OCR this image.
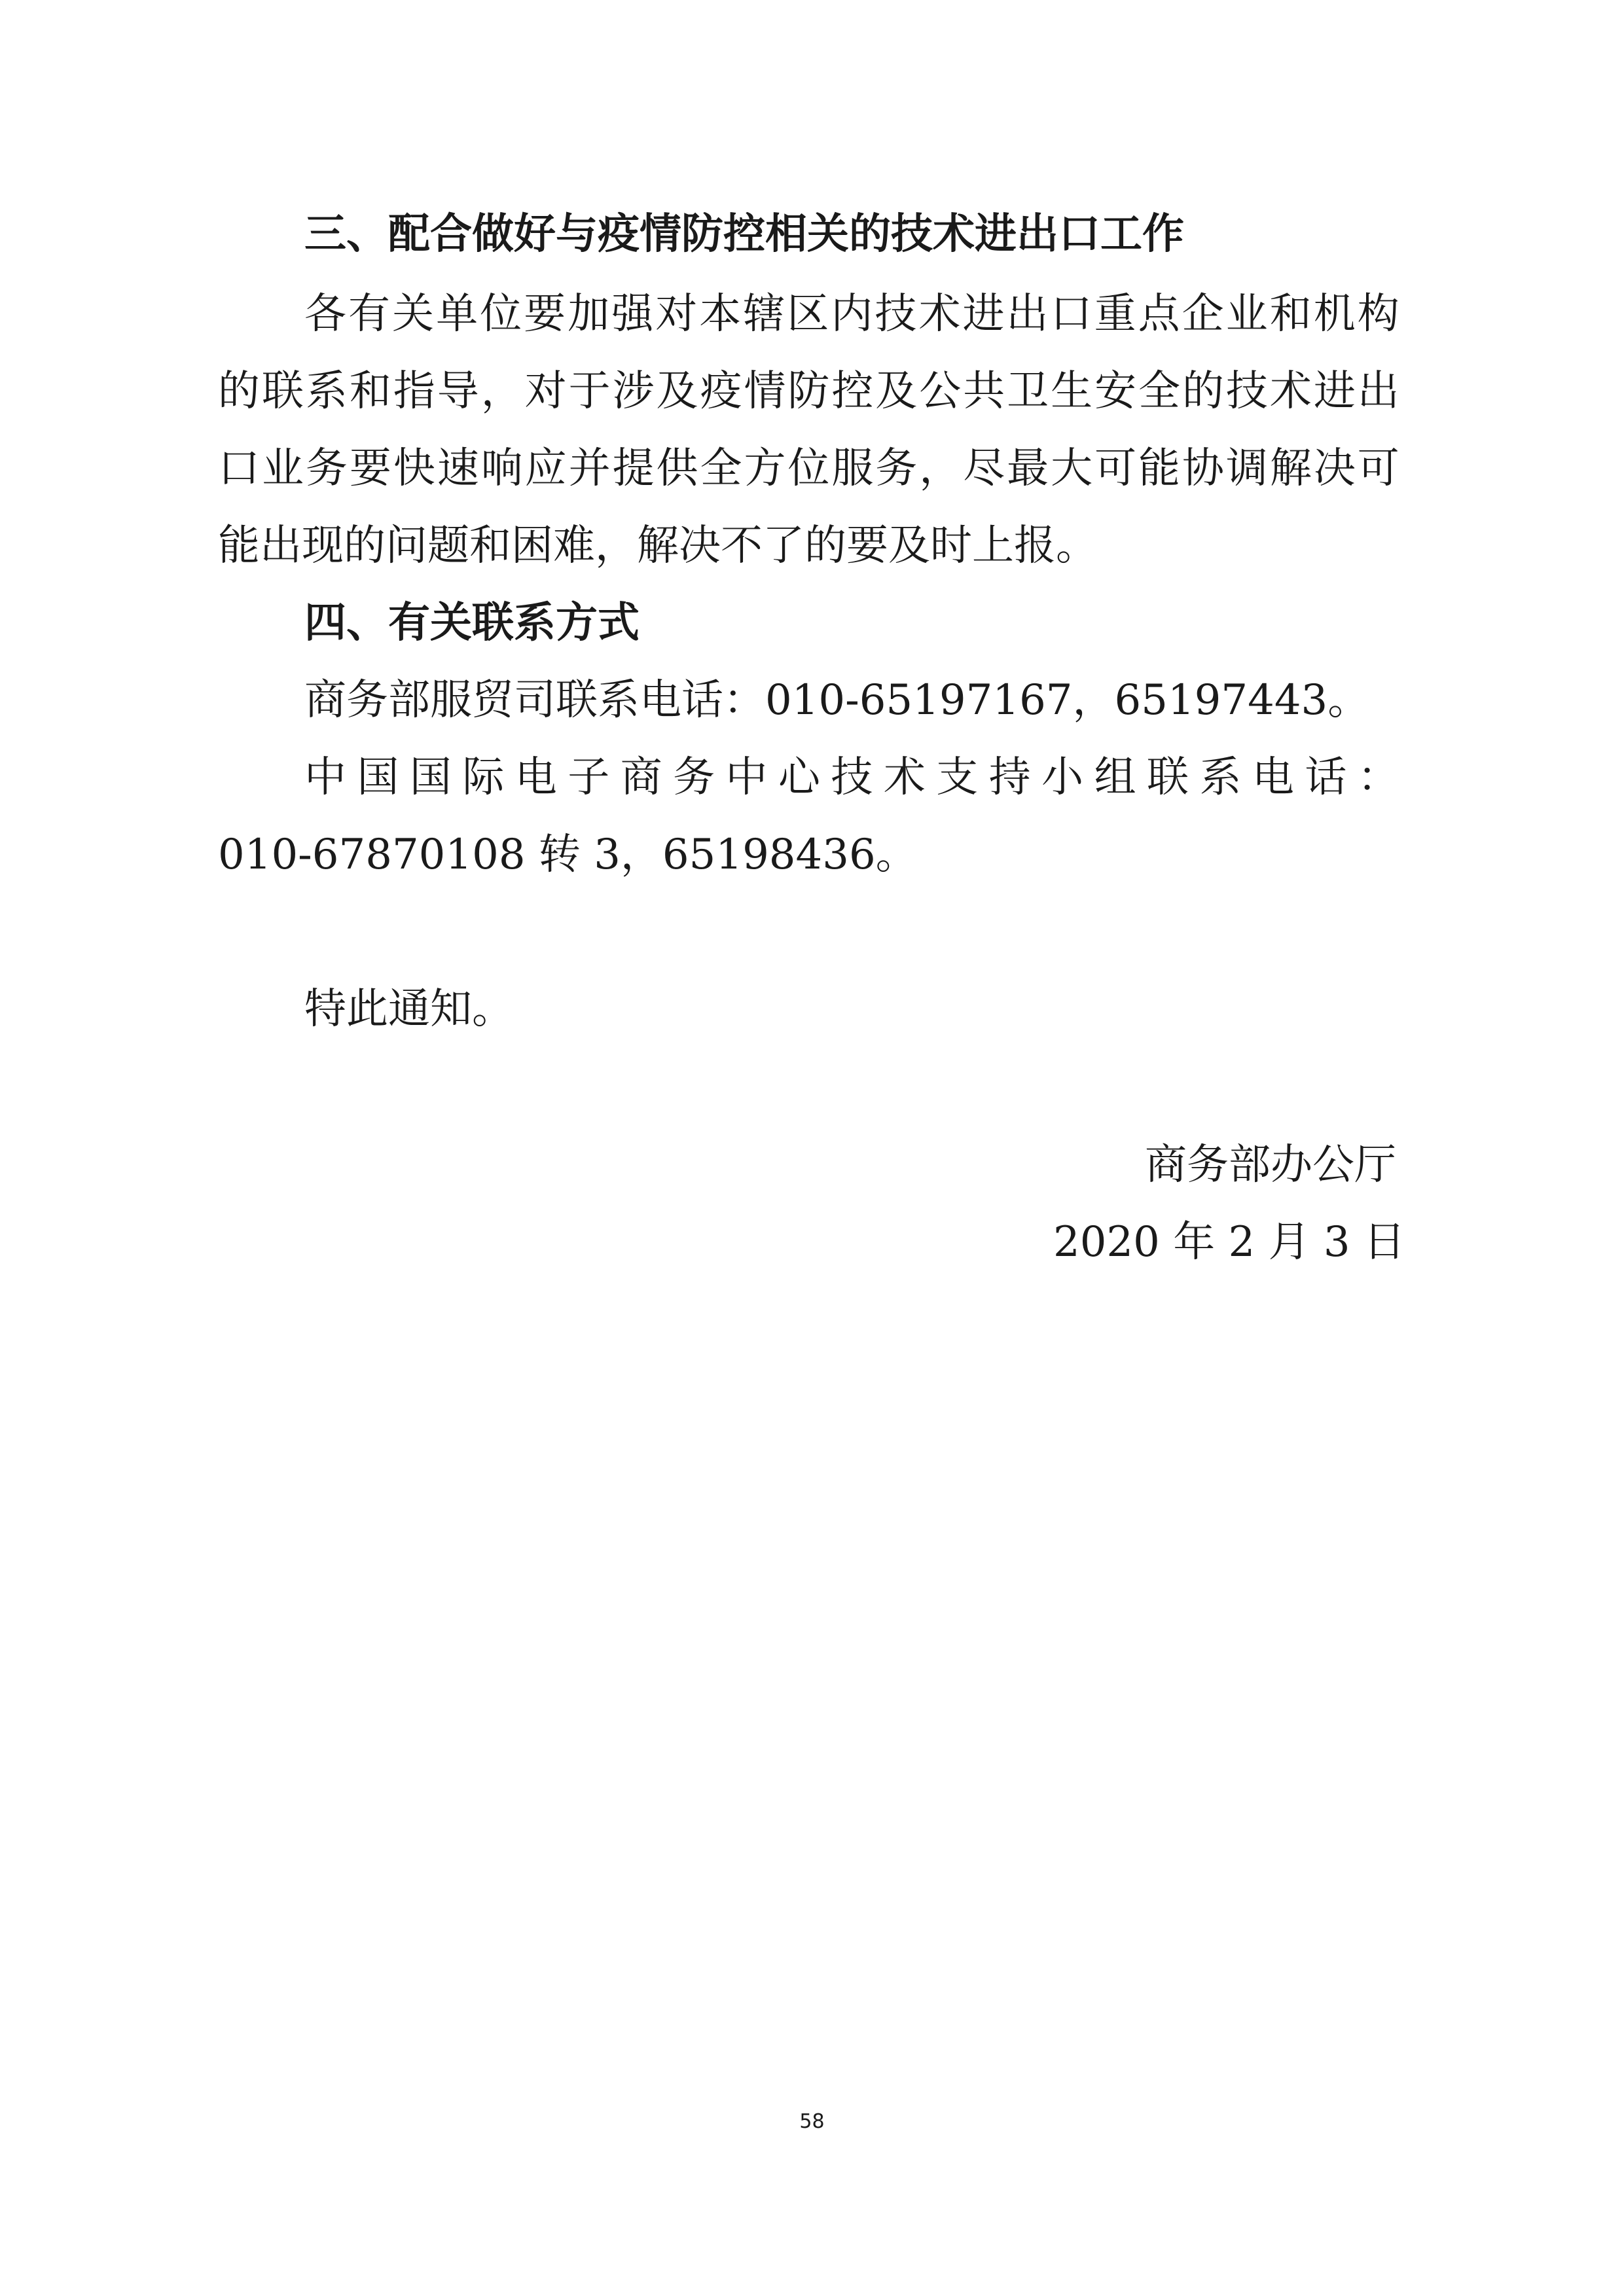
三、配合做好与疫情防控相关的技术进出口工作
各 有 关 单 位 要 加 强 对 本 辖 区 内 技 术 进 出 口 重 点 企 业 和 机 构
的 联 系 和 指 导 ， 对 于 涉 及 疫 情 防 控 及 公 共 卫 生 安 全 的 技 术 进 出
口 业 务 要 快 速 响 应 并 提 供 全 方 位 服 务 ， 尽 最 大 可 能 协 调 解 决 可
能出现的问题和困难，解决不了的要及时上报。
四、有关联系方式
商务部服贸司联系电话：010-65197167，65197443。
中 国 国 际 电 子 商 务 中 心 技 术 支 持 小 组 联 系 电 话 ：
010-67870108 转 3，65198436。
特此通知。
商务部办公厅
2020 年 2 月 3 日
58
